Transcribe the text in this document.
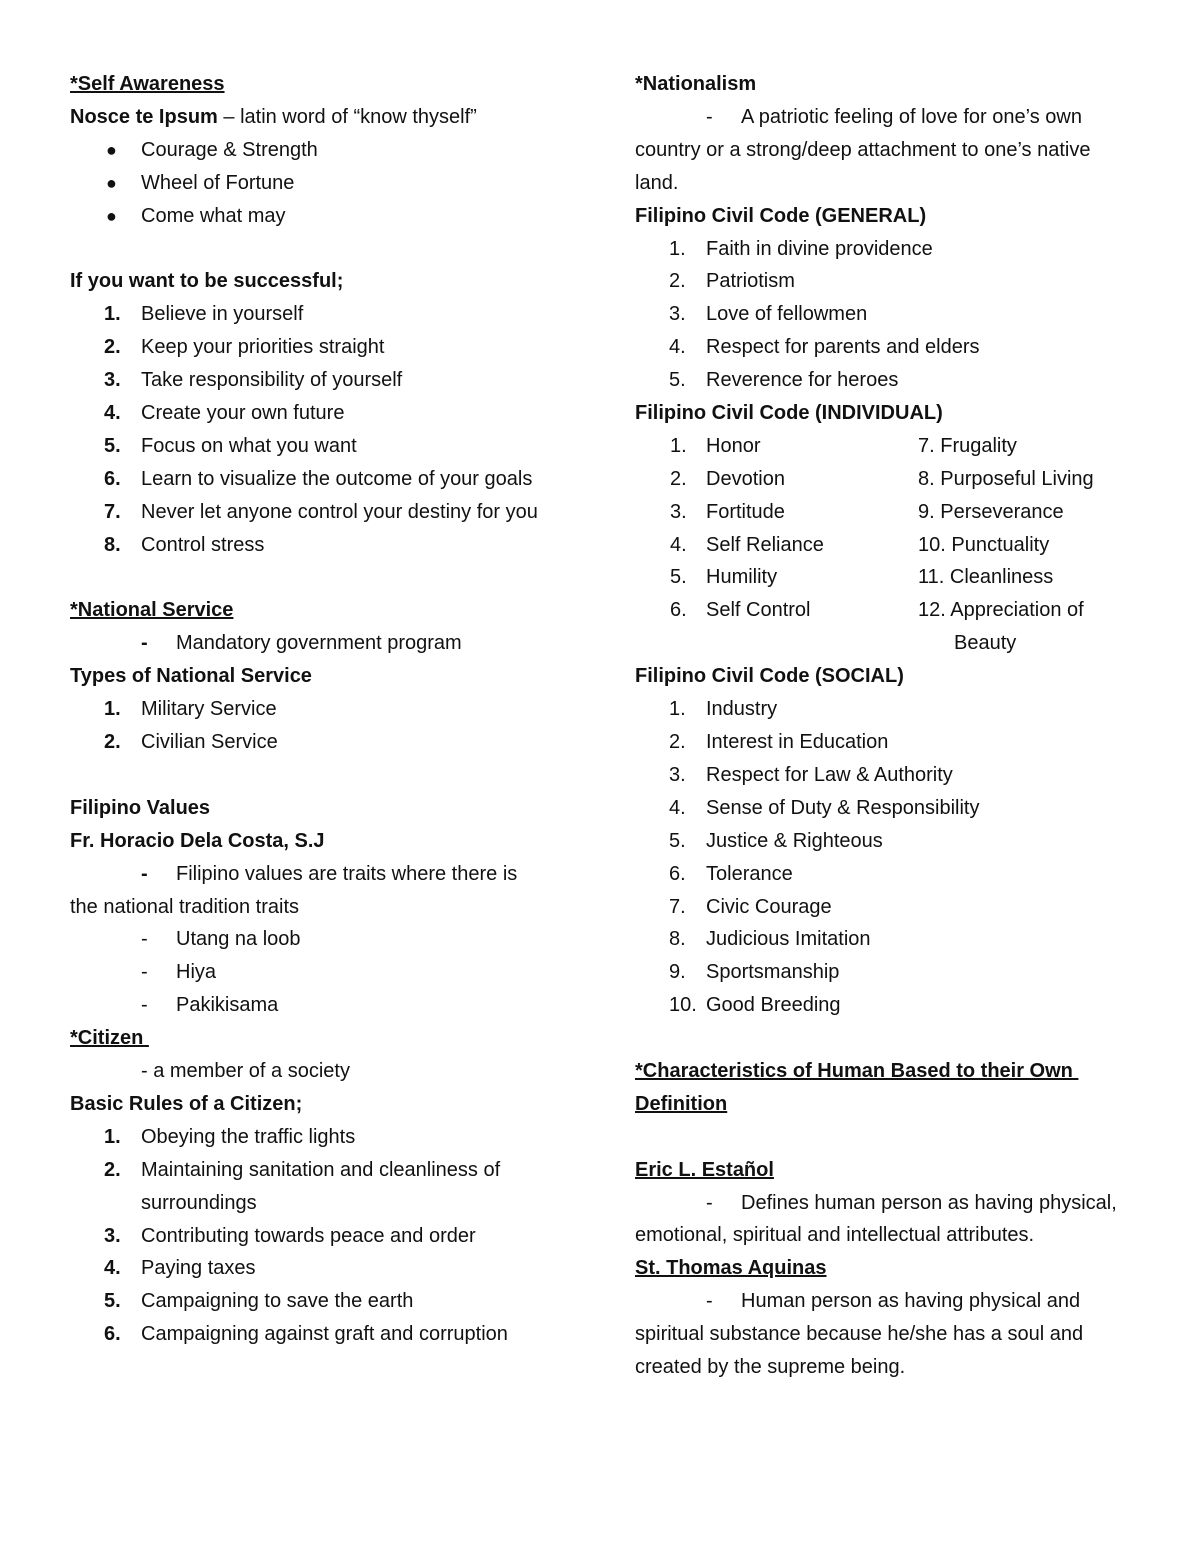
*Self Awareness
Nosce te Ipsum – latin word of “know thyself”
●	Courage & Strength
●	Wheel of Fortune
●	Come what may
If you want to be successful;
1.	Believe in yourself
2.	Keep your priorities straight
3.	Take responsibility of yourself
4.	Create your own future
5.	Focus on what you want
6.	Learn to visualize the outcome of your goals
7.	Never let anyone control your destiny for you
8.	Control stress
*National Service
- Mandatory government program
Types of National Service
1.	Military Service
2.	Civilian Service
Filipino Values
Fr. Horacio Dela Costa, S.J
- Filipino values are traits where there is the national tradition traits
- Utang na loob
- Hiya
- Pakikisama
*Citizen
- a member of a society
Basic Rules of a Citizen;
1.	Obeying the traffic lights
2.	Maintaining sanitation and cleanliness of surroundings
3.	Contributing towards peace and order
4.	Paying taxes
5.	Campaigning to save the earth
6.	Campaigning against graft and corruption
*Nationalism
- A patriotic feeling of love for one’s own country or a strong/deep attachment to one’s native land.
Filipino Civil Code (GENERAL)
1.	Faith in divine providence
2.	Patriotism
3.	Love of fellowmen
4.	Respect for parents and elders
5.	Reverence for heroes
Filipino Civil Code (INDIVIDUAL)
1. Honor	7. Frugality
2. Devotion	8. Purposeful Living
3. Fortitude	9. Perseverance
4. Self Reliance	10. Punctuality
5. Humility	11. Cleanliness
6. Self Control	12. Appreciation of
Beauty
Filipino Civil Code (SOCIAL)
1.	Industry
2.	Interest in Education
3.	Respect for Law & Authority
4.	Sense of Duty & Responsibility
5.	Justice & Righteous
6.	Tolerance
7.	Civic Courage
8.	Judicious Imitation
9.	Sportsmanship
10. Good Breeding
*Characteristics of Human Based to their Own
Definition
Eric L. Estañol
- Defines human person as having physical, emotional, spiritual and intellectual attributes.
St. Thomas Aquinas
- Human person as having physical and spiritual substance because he/she has a soul and created by the supreme being.
